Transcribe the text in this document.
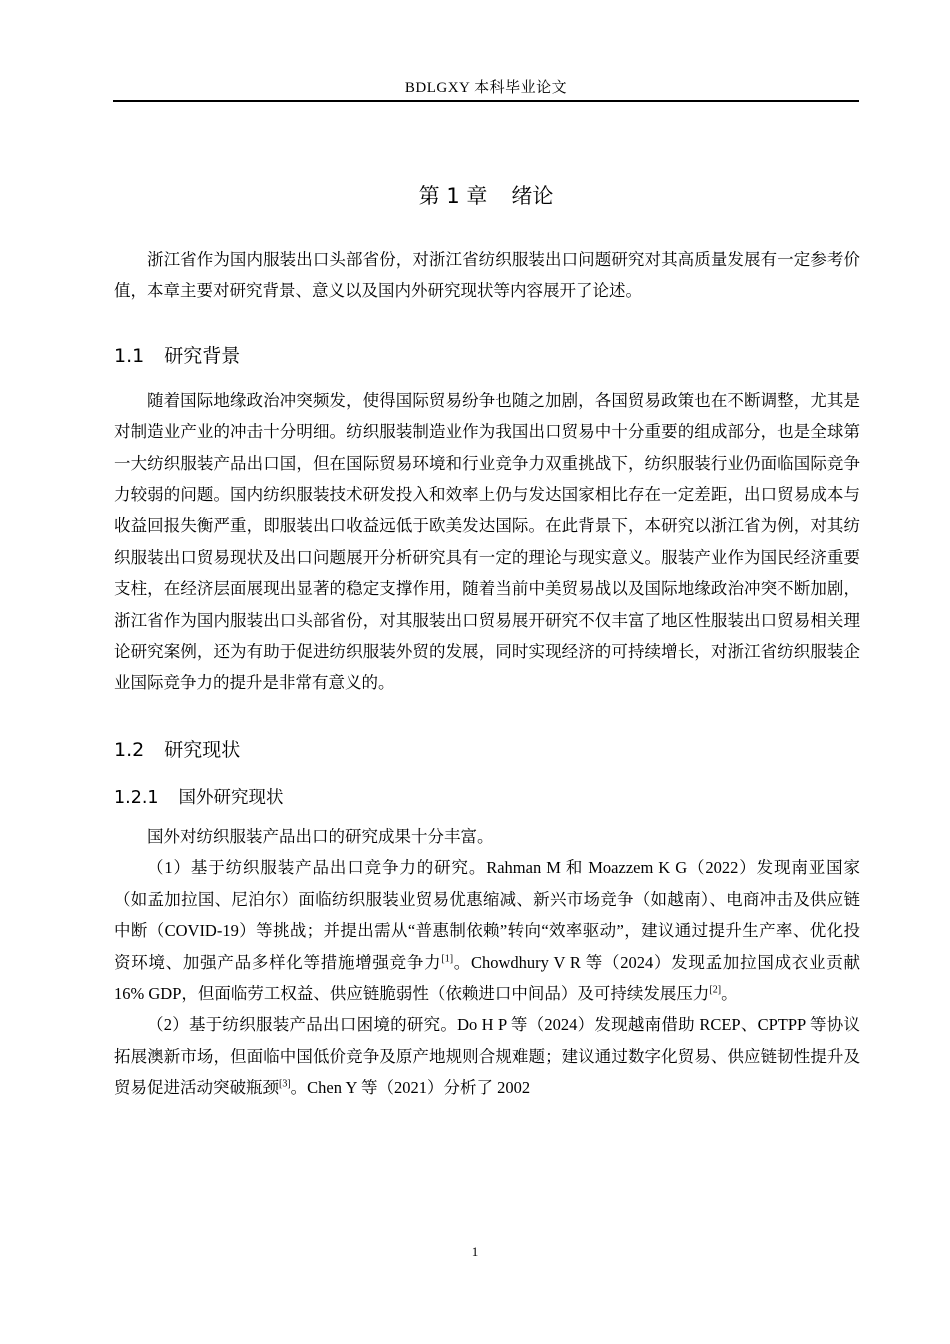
BDLGXY 本科毕业论文
第 1 章 绪论

浙江省作为国内服装出口头部省份，对浙江省纺织服装出口问题研究对其高质量发展有一定参考价值，本章主要对研究背景、意义以及国内外研究现状等内容展开了论述。

1.1 研究背景

随着国际地缘政治冲突频发，使得国际贸易纷争也随之加剧，各国贸易政策也在不断调整，尤其是对制造业产业的冲击十分明细。纺织服装制造业作为我国出口贸易中十分重要的组成部分，也是全球第一大纺织服装产品出口国，但在国际贸易环境和行业竞争力双重挑战下，纺织服装行业仍面临国际竞争力较弱的问题。国内纺织服装技术研发投入和效率上仍与发达国家相比存在一定差距，出口贸易成本与收益回报失衡严重，即服装出口收益远低于欧美发达国际。在此背景下，本研究以浙江省为例，对其纺织服装出口贸易现状及出口问题展开分析研究具有一定的理论与现实意义。服装产业作为国民经济重要支柱，在经济层面展现出显著的稳定支撑作用，随着当前中美贸易战以及国际地缘政治冲突不断加剧，浙江省作为国内服装出口头部省份，对其服装出口贸易展开研究不仅丰富了地区性服装出口贸易相关理论研究案例，还为有助于促进纺织服装外贸的发展，同时实现经济的可持续增长，对浙江省纺织服装企业国际竞争力的提升是非常有意义的。

1.2 研究现状
1.2.1 国外研究现状

国外对纺织服装产品出口的研究成果十分丰富。

（1）基于纺织服装产品出口竞争力的研究。Rahman M 和 Moazzem K G（2022）发现南亚国家（如孟加拉国、尼泊尔）面临纺织服装业贸易优惠缩减、新兴市场竞争（如越南）、电商冲击及供应链中断（COVID-19）等挑战；并提出需从“普惠制依赖”转向“效率驱动”，建议通过提升生产率、优化投资环境、加强产品多样化等措施增强竞争力[1]。Chowdhury V R 等（2024）发现孟加拉国成衣业贡献 16% GDP，但面临劳工权益、供应链脆弱性（依赖进口中间品）及可持续发展压力[2]。

（2）基于纺织服装产品出口困境的研究。Do H P 等（2024）发现越南借助 RCEP、CPTPP 等协议拓展澳新市场，但面临中国低价竞争及原产地规则合规难题；建议通过数字化贸易、供应链韧性提升及贸易促进活动突破瓶颈[3]。Chen Y 等（2021）分析了 2002

1
